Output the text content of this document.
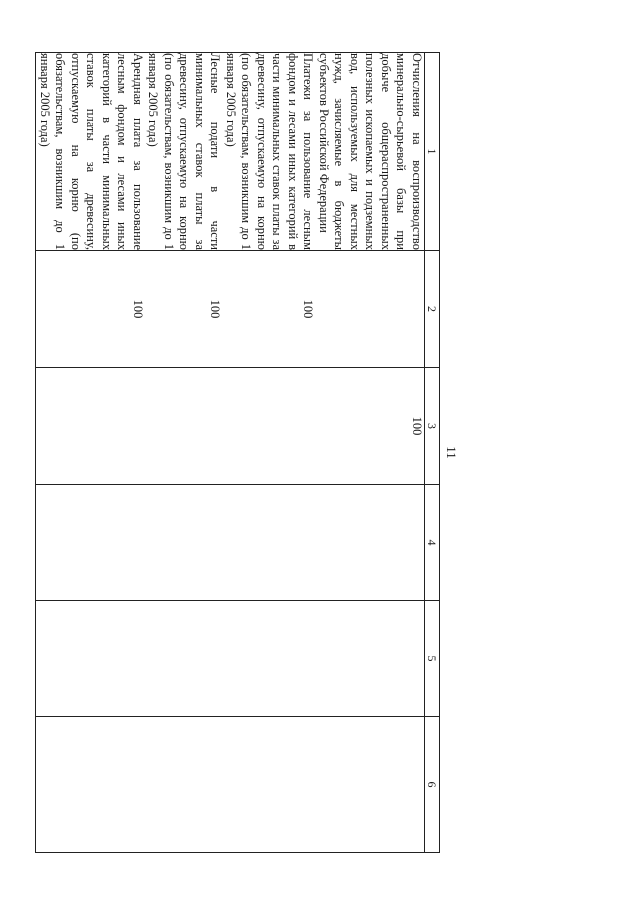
11
1	2	3	4	5	6
Отчисления на воспроизводство минерально-сырьевой базы при добыче общераспространенных полезных ископаемых и подземных вод, используемых для местных нужд, зачисляемые в бюджеты субъектов Российской Федерации		100			
Платежи за пользование лесным фондом и лесами иных категорий в части минимальных ставок платы за древесину, отпускаемую на корню (по обязательствам, возникшим до 1 января 2005 года)	100				
Лесные подати в части минимальных ставок платы за древесину, отпускаемую на корню (по обязательствам, возникшим до 1 января 2005 года)	100				
Арендная плата за пользование лесным фондом и лесами иных категорий в части минимальных ставок платы за древесину, отпускаемую на корню (по обязательствам, возникшим до 1 января 2005 года)	100				
